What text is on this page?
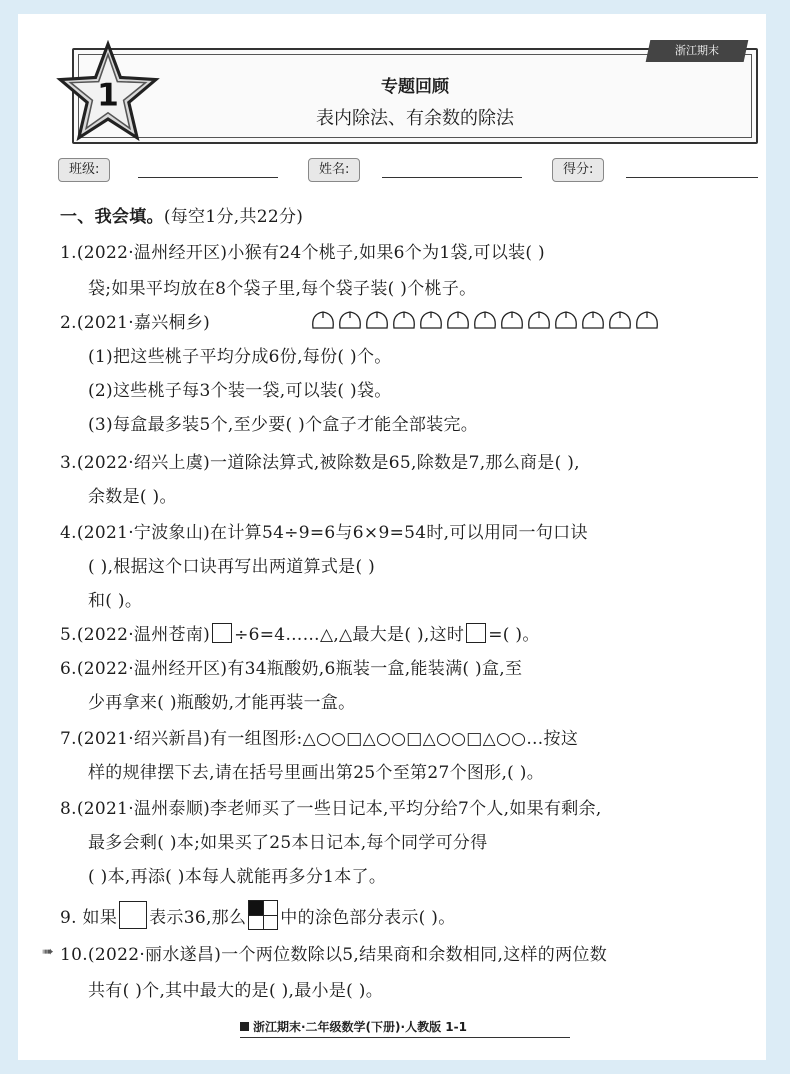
专题回顾
表内除法、有余数的除法
1
浙江期末
班级:	姓名:	得分:
一、我会填。(每空1分,共22分)
1.(2022·温州经开区)小猴有24个桃子,如果6个为1袋,可以装( )
袋;如果平均放在8个袋子里,每个袋子装( )个桃子。
2.(2021·嘉兴桐乡)
(1)把这些桃子平均分成6份,每份( )个。
(2)这些桃子每3个装一袋,可以装( )袋。
(3)每盒最多装5个,至少要( )个盒子才能全部装完。
3.(2022·绍兴上虞)一道除法算式,被除数是65,除数是7,那么商是( ),
余数是( )。
4.(2021·宁波象山)在计算54÷9=6与6×9=54时,可以用同一句口诀
( ),根据这个口诀再写出两道算式是( )
和( )。
5.(2022·温州苍南) ÷6=4……△,△最大是( ),这时 =( )。
6.(2022·温州经开区)有34瓶酸奶,6瓶装一盒,能装满( )盒,至
少再拿来( )瓶酸奶,才能再装一盒。
7.(2021·绍兴新昌)有一组图形:△○○□△○○□△○○□△○○…按这
样的规律摆下去,请在括号里画出第25个至第27个图形,( )。
8.(2021·温州泰顺)李老师买了一些日记本,平均分给7个人,如果有剩余,
最多会剩( )本;如果买了25本日记本,每个同学可分得
( )本,再添( )本每人就能再多分1本了。
9. 如果 表示36,那么 中的涂色部分表示( )。
➠ 10.(2022·丽水遂昌)一个两位数除以5,结果商和余数相同,这样的两位数
共有( )个,其中最大的是( ),最小是( )。
浙江期末·二年级数学(下册)·人教版 1-1
